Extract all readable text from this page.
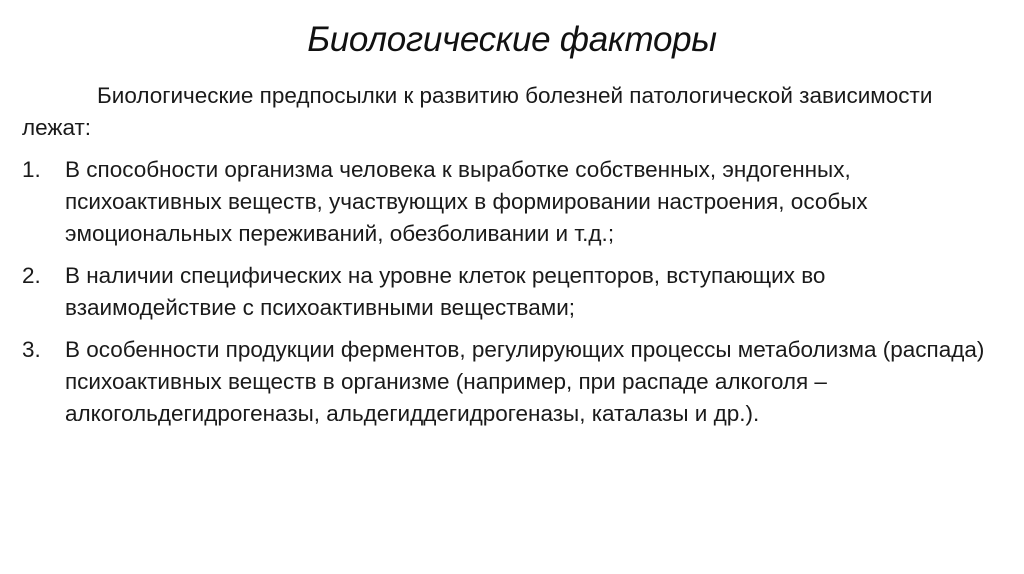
Биологические факторы

Биологические предпосылки к развитию болезней патологической зависимости лежат:

1.	В способности организма человека к выработке собственных, эндогенных, психоактивных веществ, участвующих в формировании настроения, особых эмоциональных переживаний, обезболивании и т.д.;
2.	В наличии специфических на уровне клеток рецепторов, вступающих во взаимодействие с психоактивными веществами;
3.	В особенности продукции ферментов, регулирующих процессы метаболизма (распада) психоактивных веществ в организме (например, при распаде алкоголя – алкогольдегидрогеназы, альдегиддегидрогеназы, каталазы и др.).
